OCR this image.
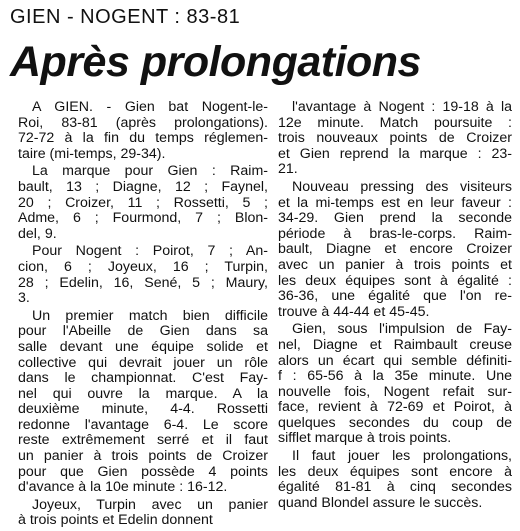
GIEN - NOGENT : 83-81
Après prolongations
A GIEN. - Gien bat Nogent-le-
Roi, 83-81 (après prolongations).
72-72 à la fin du temps réglemen-
taire (mi-temps, 29-34).
La marque pour Gien : Raim-
bault, 13 ; Diagne, 12 ; Faynel,
20 ; Croizer, 11 ; Rossetti, 5 ;
Adme, 6 ; Fourmond, 7 ; Blon-
del, 9.
Pour Nogent : Poirot, 7 ; An-
cion, 6 ; Joyeux, 16 ; Turpin,
28 ; Edelin, 16, Sené, 5 ; Maury,
3.
Un premier match bien difficile
pour l'Abeille de Gien dans sa
salle devant une équipe solide et
collective qui devrait jouer un rôle
dans le championnat. C'est Fay-
nel qui ouvre la marque. A la
deuxième minute, 4-4. Rossetti
redonne l'avantage 6-4. Le score
reste extrêmement serré et il faut
un panier à trois points de Croizer
pour que Gien possède 4 points
d'avance à la 10e minute : 16-12.
Joyeux, Turpin avec un panier
à trois points et Edelin donnent
l'avantage à Nogent : 19-18 à la
12e minute. Match poursuite :
trois nouveaux points de Croizer
et Gien reprend la marque : 23-
21.
Nouveau pressing des visiteurs
et la mi-temps est en leur faveur :
34-29. Gien prend la seconde
période à bras-le-corps. Raim-
bault, Diagne et encore Croizer
avec un panier à trois points et
les deux équipes sont à égalité :
36-36, une égalité que l'on re-
trouve à 44-44 et 45-45.
Gien, sous l'impulsion de Fay-
nel, Diagne et Raimbault creuse
alors un écart qui semble définiti-
f : 65-56 à la 35e minute. Une
nouvelle fois, Nogent refait sur-
face, revient à 72-69 et Poirot, à
quelques secondes du coup de
sifflet marque à trois points.
Il faut jouer les prolongations,
les deux équipes sont encore à
égalité 81-81 à cinq secondes
quand Blondel assure le succès.
